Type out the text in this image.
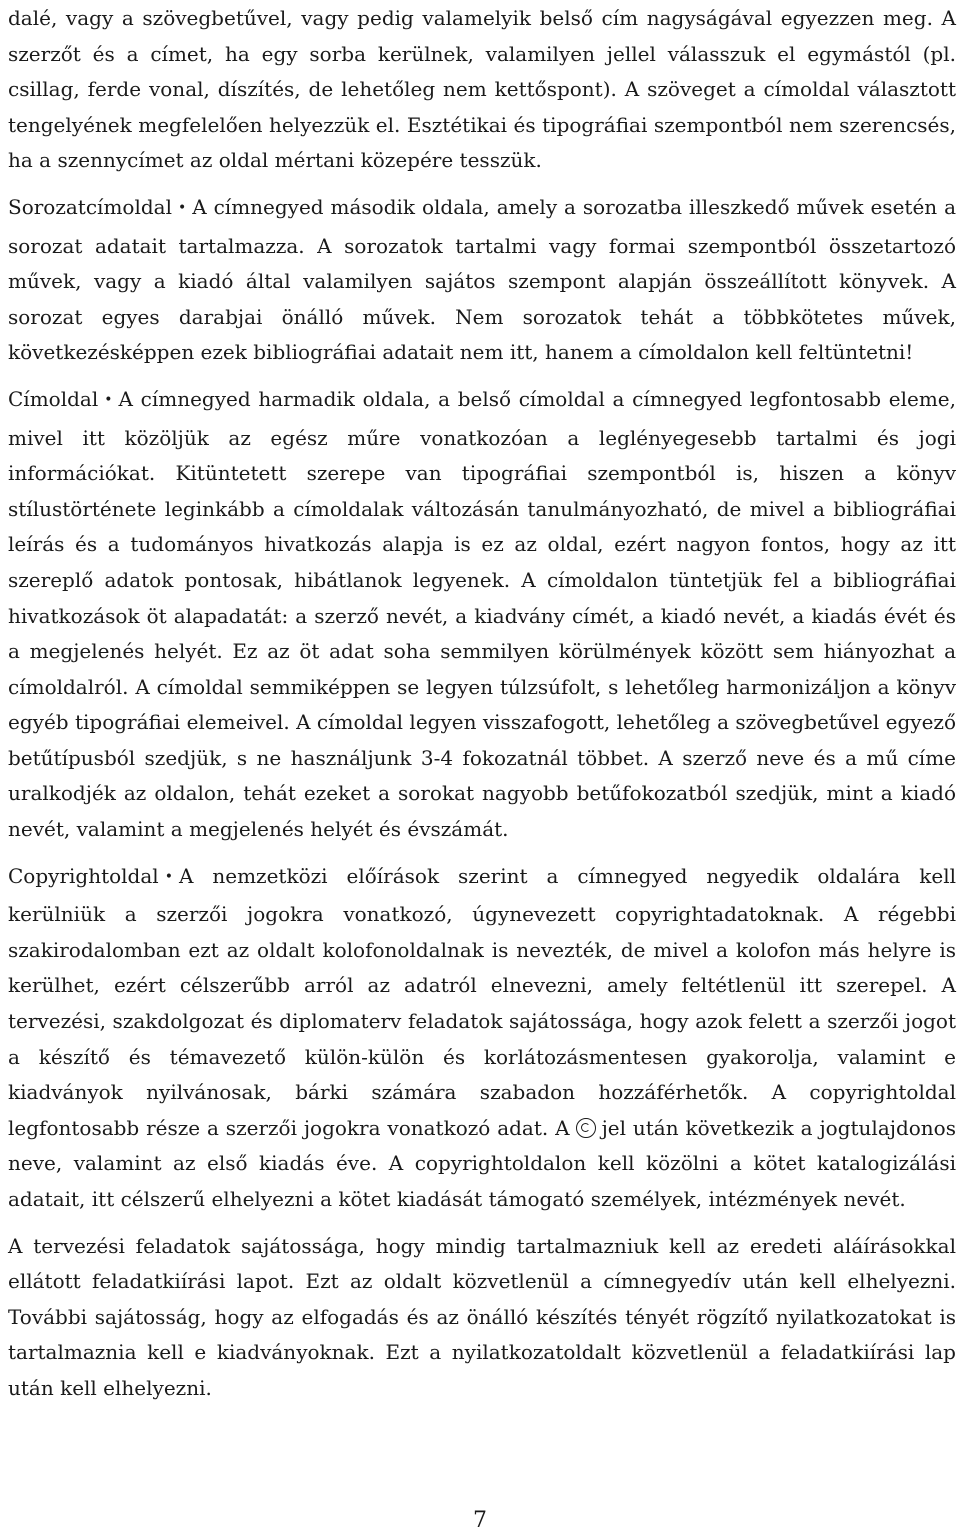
dalé, vagy a szövegbetűvel, vagy pedig valamelyik belső cím nagyságával egyezzen meg. A szerzőt és a címet, ha egy sorba kerülnek, valamilyen jellel válasszuk el egymástól (pl. csillag, ferde vonal, díszítés, de lehetőleg nem kettőspont). A szöveget a címoldal választott tengelyének megfelelően helyezzük el. Esztétikai és tipográfiai szempontból nem szerencsés, ha a szennycímet az oldal mértani közepére tesszük.

Sorozatcímoldal • A címnegyed második oldala, amely a sorozatba illeszkedő művek esetén a sorozat adatait tartalmazza. A sorozatok tartalmi vagy formai szempontból összetartozó művek, vagy a kiadó által valamilyen sajátos szempont alapján összeállított könyvek. A sorozat egyes darabjai önálló művek. Nem sorozatok tehát a többkötetes művek, következésképpen ezek bibliográfiai adatait nem itt, hanem a címoldalon kell feltüntetni!

Címoldal • A címnegyed harmadik oldala, a belső címoldal a címnegyed legfontosabb eleme, mivel itt közöljük az egész műre vonatkozóan a leglényegesebb tartalmi és jogi információkat. Kitüntetett szerepe van tipográfiai szempontból is, hiszen a könyv stílustörténete leginkább a címoldalak változásán tanulmányozható, de mivel a bibliográfiai leírás és a tudományos hivatkozás alapja is ez az oldal, ezért nagyon fontos, hogy az itt szereplő adatok pontosak, hibátlanok legyenek. A címoldalon tüntetjük fel a bibliográfiai hivatkozások öt alapadatát: a szerző nevét, a kiadvány címét, a kiadó nevét, a kiadás évét és a megjelenés helyét. Ez az öt adat soha semmilyen körülmények között sem hiányozhat a címoldalról. A címoldal semmiképpen se legyen túlzsúfolt, s lehetőleg harmonizáljon a könyv egyéb tipográfiai elemeivel. A címoldal legyen visszafogott, lehetőleg a szövegbetűvel egyező betűtípusból szedjük, s ne használjunk 3-4 fokozatnál többet. A szerző neve és a mű címe uralkodjék az oldalon, tehát ezeket a sorokat nagyobb betűfokozatból szedjük, mint a kiadó nevét, valamint a megjelenés helyét és évszámát.

Copyrightoldal • A nemzetközi előírások szerint a címnegyed negyedik oldalára kell kerülniük a szerzői jogokra vonatkozó, úgynevezett copyrightadatoknak. A régebbi szakirodalomban ezt az oldalt kolofonoldalnak is nevezték, de mivel a kolofon más helyre is kerülhet, ezért célszerűbb arról az adatról elnevezni, amely feltétlenül itt szerepel. A tervezési, szakdolgozat és diplomaterv feladatok sajátossága, hogy azok felett a szerzői jogot a készítő és témavezető külön-külön és korlátozásmentesen gyakorolja, valamint e kiadványok nyilvánosak, bárki számára szabadon hozzáférhetők. A copyrightoldal legfontosabb része a szerzői jogokra vonatkozó adat. A jel után következik a jogtulajdonos neve, valamint az első kiadás éve. A copyrightoldalon kell közölni a kötet katalogizálási adatait, itt célszerű elhelyezni a kötet kiadását támogató személyek, intézmények nevét.

A tervezési feladatok sajátossága, hogy mindig tartalmazniuk kell az eredeti aláírásokkal ellátott feladatkiírási lapot. Ezt az oldalt közvetlenül a címnegyedív után kell elhelyezni. További sajátosság, hogy az elfogadás és az önálló készítés tényét rögzítő nyilatkozatokat is tartalmaznia kell e kiadványoknak. Ezt a nyilatkozatoldalt közvetlenül a feladatkiírási lap után kell elhelyezni.

7
